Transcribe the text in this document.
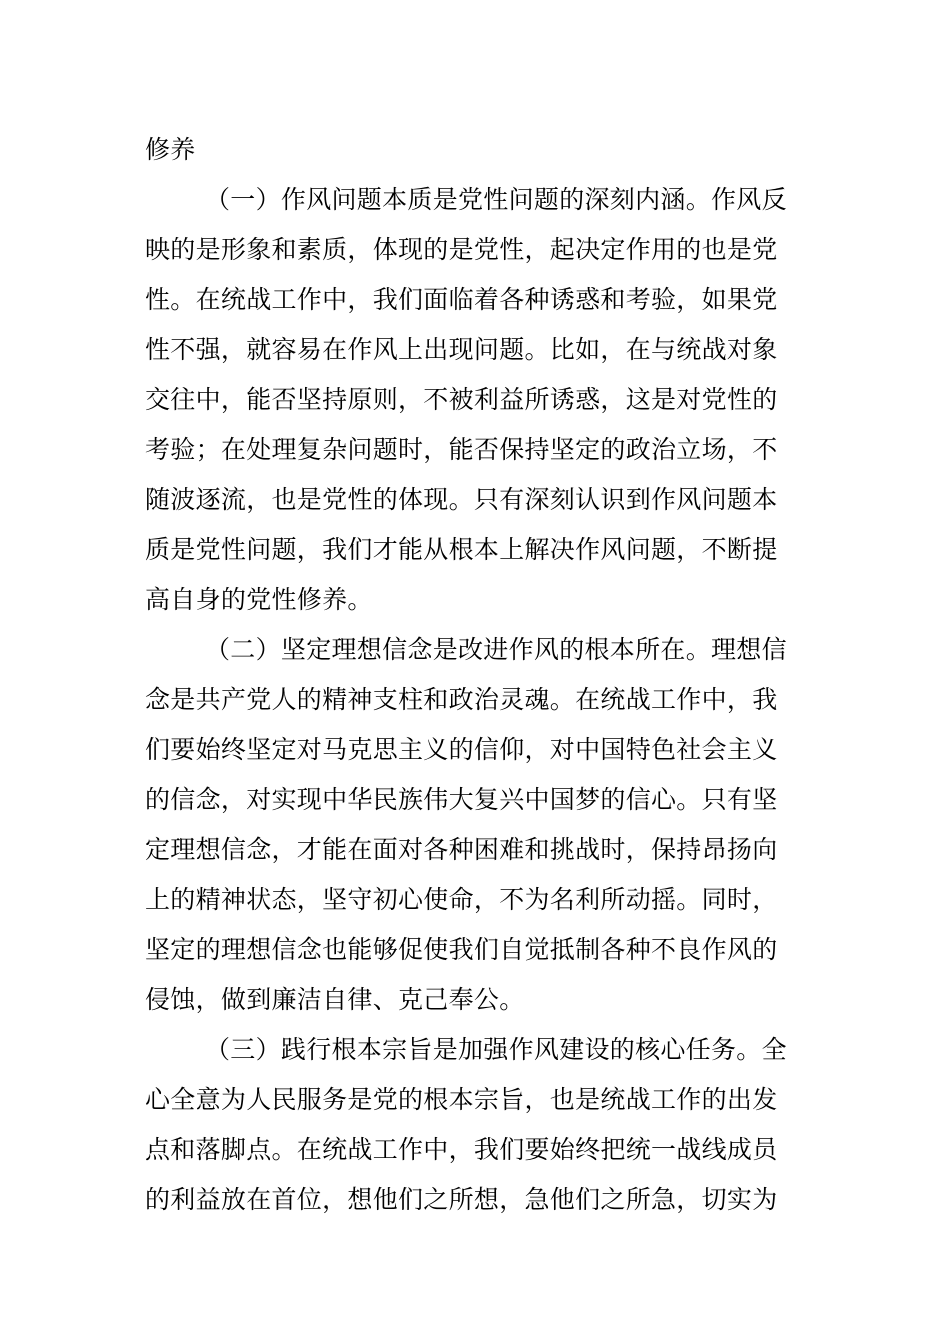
修养
（一）作风问题本质是党性问题的深刻内涵。作风反
映的是形象和素质，体现的是党性，起决定作用的也是党
性。在统战工作中，我们面临着各种诱惑和考验，如果党
性不强，就容易在作风上出现问题。比如，在与统战对象
交往中，能否坚持原则，不被利益所诱惑，这是对党性的
考验；在处理复杂问题时，能否保持坚定的政治立场，不
随波逐流，也是党性的体现。只有深刻认识到作风问题本
质是党性问题，我们才能从根本上解决作风问题，不断提
高自身的党性修养。
（二）坚定理想信念是改进作风的根本所在。理想信
念是共产党人的精神支柱和政治灵魂。在统战工作中，我
们要始终坚定对马克思主义的信仰，对中国特色社会主义
的信念，对实现中华民族伟大复兴中国梦的信心。只有坚
定理想信念，才能在面对各种困难和挑战时，保持昂扬向
上的精神状态，坚守初心使命，不为名利所动摇。同时，
坚定的理想信念也能够促使我们自觉抵制各种不良作风的
侵蚀，做到廉洁自律、克己奉公。
（三）践行根本宗旨是加强作风建设的核心任务。全
心全意为人民服务是党的根本宗旨，也是统战工作的出发
点和落脚点。在统战工作中，我们要始终把统一战线成员
的利益放在首位，想他们之所想，急他们之所急，切实为
